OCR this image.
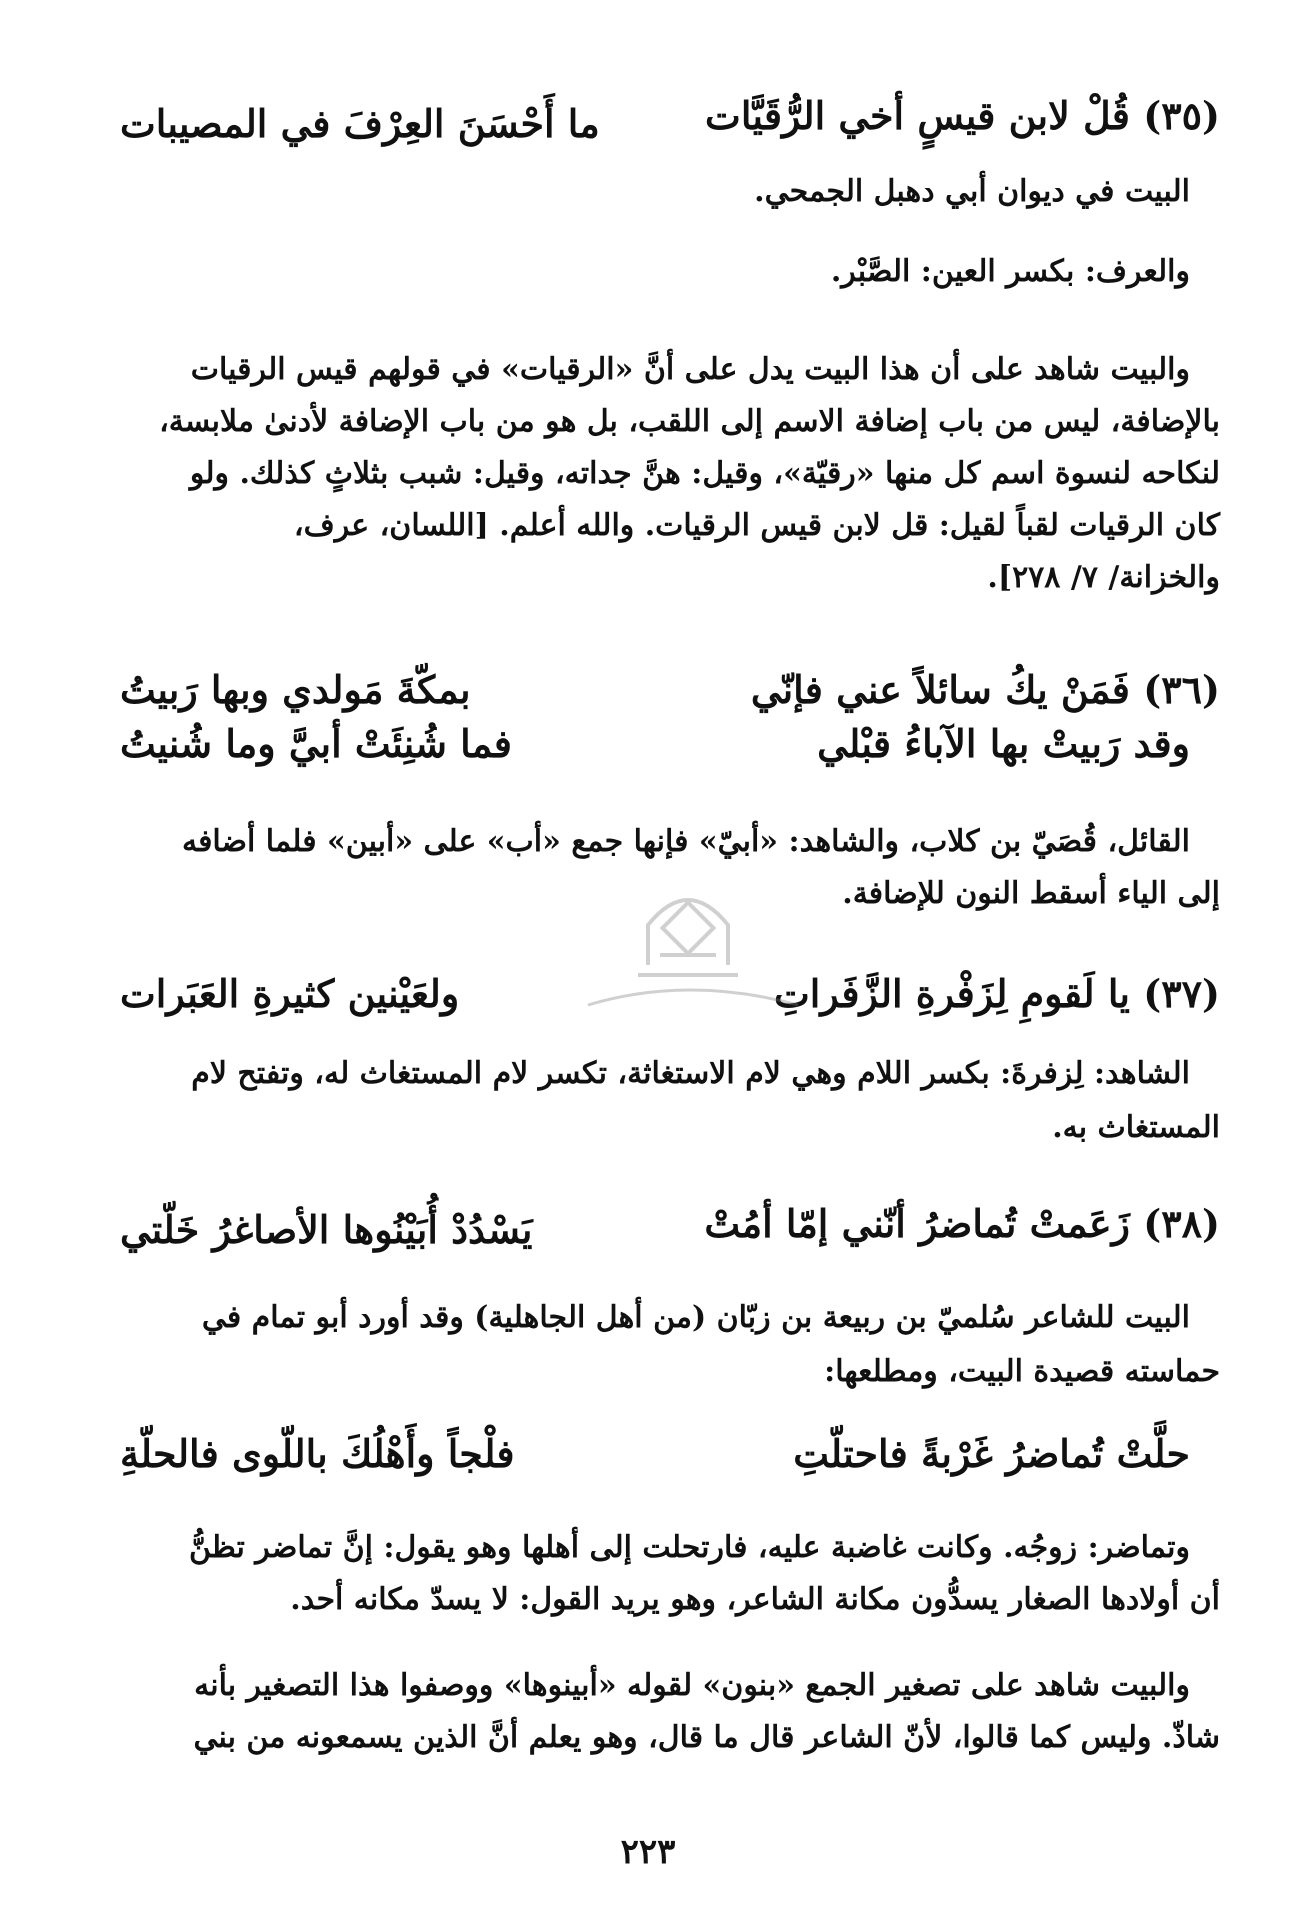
(٣٥) قُلْ لابن قيسٍ أخي الرُّقَيَّات
ما أَحْسَنَ العِرْفَ في المصيبات
البيت في ديوان أبي دهبل الجمحي.
والعرف: بكسر العين: الصَّبْر.
والبيت شاهد على أن هذا البيت يدل على أنَّ «الرقيات» في قولهم قيس الرقيات
بالإضافة، ليس من باب إضافة الاسم إلى اللقب، بل هو من باب الإضافة لأدنىٰ ملابسة،
لنكاحه لنسوة اسم كل منها «رقيّة»، وقيل: هنَّ جداته، وقيل: شبب بثلاثٍ كذلك. ولو
كان الرقيات لقباً لقيل: قل لابن قيس الرقيات. والله أعلم. [اللسان، عرف،
والخزانة/ ٧/ ٢٧٨].
(٣٦) فَمَنْ يكُ سائلاً عني فإنّي
بمكّةَ مَولدي وبها رَبيتُ
وقد رَبيتْ بها الآباءُ قبْلي
فما شُنِئَتْ أبيَّ وما شُنيتُ
القائل، قُصَيّ بن كلاب، والشاهد: «أبيّ» فإنها جمع «أب» على «أبين» فلما أضافه
إلى الياء أسقط النون للإضافة.
(٣٧) يا لَقومِ لِزَفْرةِ الزَّفَراتِ
ولعَيْنين كثيرةِ العَبَرات
الشاهد: لِزفرةَ: بكسر اللام وهي لام الاستغاثة، تكسر لام المستغاث له، وتفتح لام
المستغاث به.
(٣٨) زَعَمتْ تُماضرُ أنّني إمّا أمُتْ
يَسْدُدْ أُبَيْنُوها الأصاغرُ خَلّتي
البيت للشاعر سُلميّ بن ربيعة بن زبّان (من أهل الجاهلية) وقد أورد أبو تمام في
حماسته قصيدة البيت، ومطلعها:
حلَّتْ تُماضرُ غَرْبةً فاحتلّتِ
فلْجاً وأَهْلُكَ باللّوى فالحلّةِ
وتماضر: زوجُه. وكانت غاضبة عليه، فارتحلت إلى أهلها وهو يقول: إنَّ تماضر تظنُّ
أن أولادها الصغار يسدُّون مكانة الشاعر، وهو يريد القول: لا يسدّ مكانه أحد.
والبيت شاهد على تصغير الجمع «بنون» لقوله «أبينوها» ووصفوا هذا التصغير بأنه
شاذّ. وليس كما قالوا، لأنّ الشاعر قال ما قال، وهو يعلم أنَّ الذين يسمعونه من بني
٢٢٣
